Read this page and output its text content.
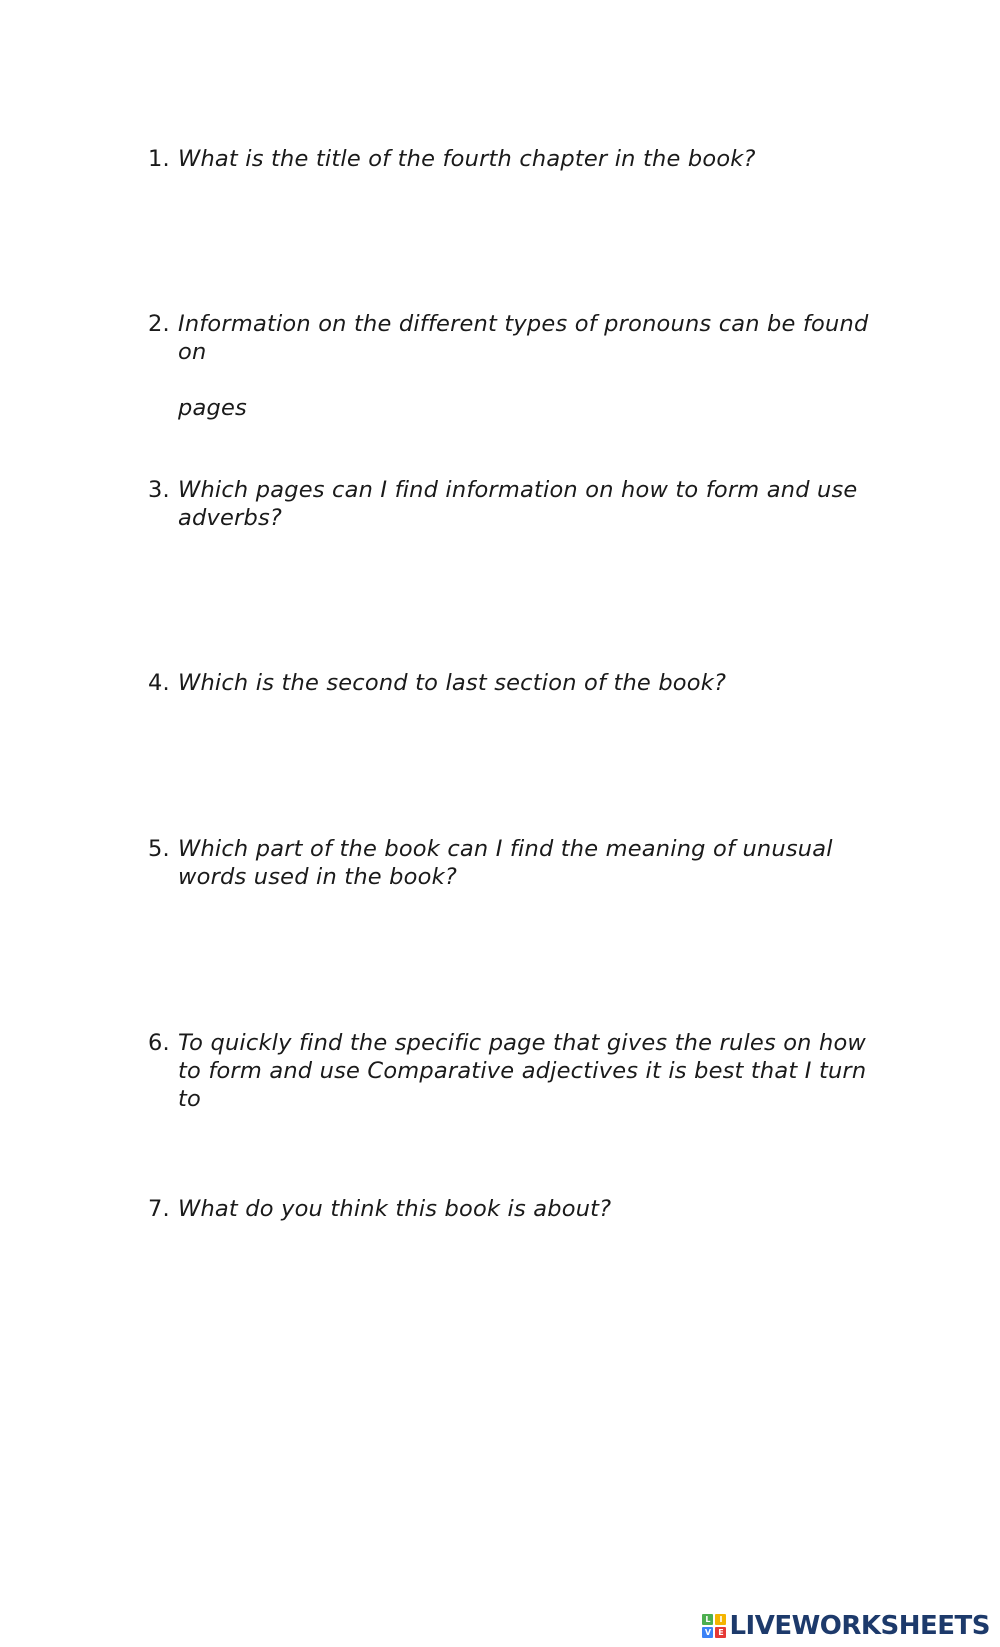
1. What is the title of the fourth chapter in the book?
2. Information on the different types of pronouns can be found on
pages
3. Which pages can I find information on how to form and use adverbs?
4. Which is the second to last section of the book?
5. Which part of the book can I find the meaning of unusual words used in the book?
6. To quickly find the specific page that gives the rules on how to form and use Comparative adjectives it is best that I turn to
7. What do you think this book is about?
L	I
V E LIVEWORKSHEETS
